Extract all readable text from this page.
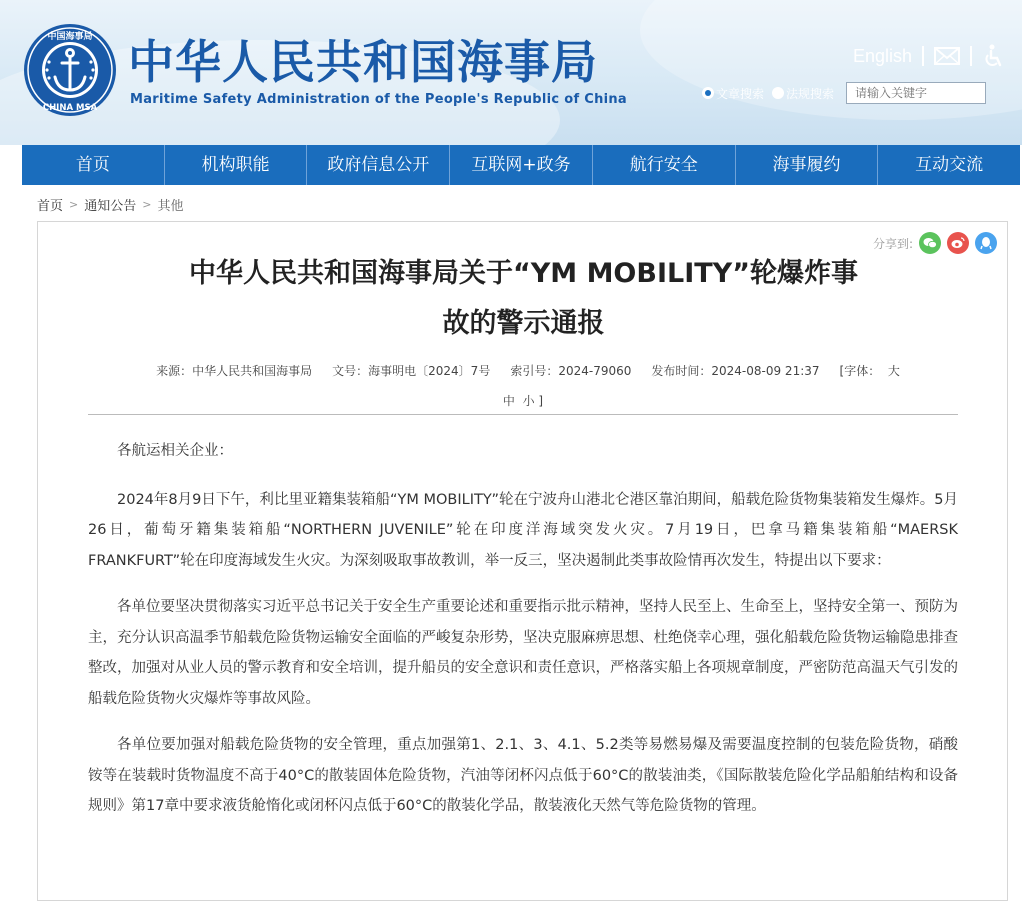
中国海事局
CHINA MSA
中华人民共和国海事局
Maritime Safety Administration of the People's Republic of China
English
文章搜索 法规搜索
请输入关键字
首页	机构职能	政府信息公开	互联网+政务	航行安全	海事履约	互动交流
首页 > 通知公告 > 其他
分享到:
中华人民共和国海事局关于“YM MOBILITY”轮爆炸事
故的警示通报
来源：中华人民共和国海事局 文号：海事明电〔2024〕7号 索引号：2024-79060 发布时间：2024-08-09 21:37 [字体： 大
中 小 ]

各航运相关企业：

2024年8月9日下午，利比里亚籍集装箱船“YM MOBILITY”轮在宁波舟山港北仑港区靠泊期间，船载危险货物集装箱发生爆炸。5月26日，葡萄牙籍集装箱船“NORTHERN JUVENILE”轮在印度洋海域突发火灾。7月19日，巴拿马籍集装箱船“MAERSK FRANKFURT”轮在印度海域发生火灾。为深刻吸取事故教训，举一反三，坚决遏制此类事故险情再次发生，特提出以下要求：

各单位要坚决贯彻落实习近平总书记关于安全生产重要论述和重要指示批示精神，坚持人民至上、生命至上，坚持安全第一、预防为主，充分认识高温季节船载危险货物运输安全面临的严峻复杂形势，坚决克服麻痹思想、杜绝侥幸心理，强化船载危险货物运输隐患排查整改，加强对从业人员的警示教育和安全培训，提升船员的安全意识和责任意识，严格落实船上各项规章制度，严密防范高温天气引发的船载危险货物火灾爆炸等事故风险。

各单位要加强对船载危险货物的安全管理，重点加强第1、2.1、3、4.1、5.2类等易燃易爆及需要温度控制的包装危险货物，硝酸铵等在装载时货物温度不高于40°C的散装固体危险货物，汽油等闭杯闪点低于60°C的散装油类，《国际散装危险化学品船舶结构和设备规则》第17章中要求液货舱惰化或闭杯闪点低于60°C的散装化学品，散装液化天然气等危险货物的管理。
